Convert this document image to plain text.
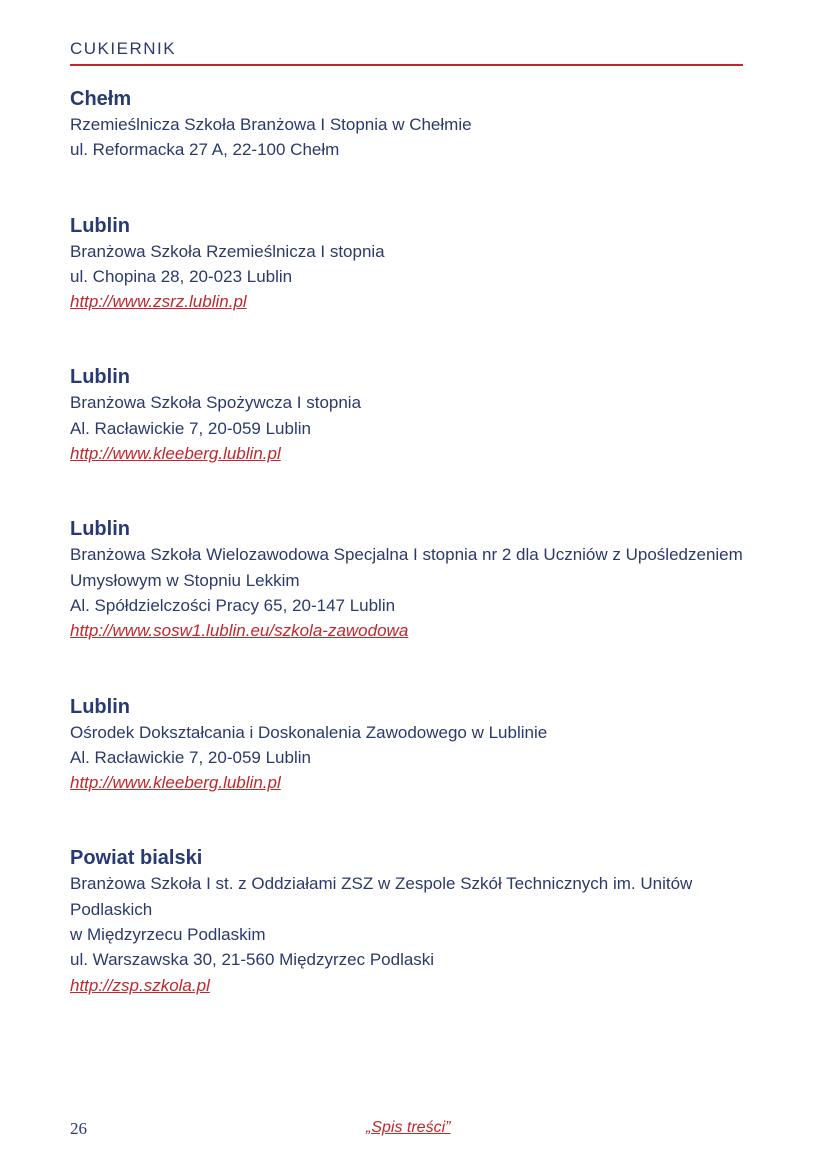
CUKIERNIK
Chełm
Rzemieślnicza Szkoła Branżowa I Stopnia w Chełmie
ul. Reformacka 27 A, 22-100 Chełm
Lublin
Branżowa Szkoła Rzemieślnicza I stopnia
ul. Chopina 28, 20-023 Lublin
http://www.zsrz.lublin.pl
Lublin
Branżowa Szkoła Spożywcza I stopnia
Al. Racławickie 7, 20-059 Lublin
http://www.kleeberg.lublin.pl
Lublin
Branżowa Szkoła Wielozawodowa Specjalna I stopnia nr 2 dla Uczniów z Upośledzeniem
Umysłowym w Stopniu Lekkim
Al. Spółdzielczości Pracy 65, 20-147 Lublin
http://www.sosw1.lublin.eu/szkola-zawodowa
Lublin
Ośrodek Dokształcania i Doskonalenia Zawodowego w Lublinie
Al. Racławickie 7, 20-059 Lublin
http://www.kleeberg.lublin.pl
Powiat bialski
Branżowa Szkoła I st. z Oddziałami ZSZ w Zespole Szkół Technicznych im. Unitów Podlaskich
w Międzyrzecu Podlaskim
ul. Warszawska 30, 21-560 Międzyrzec Podlaski
http://zsp.szkola.pl
26	„Spis treści”
